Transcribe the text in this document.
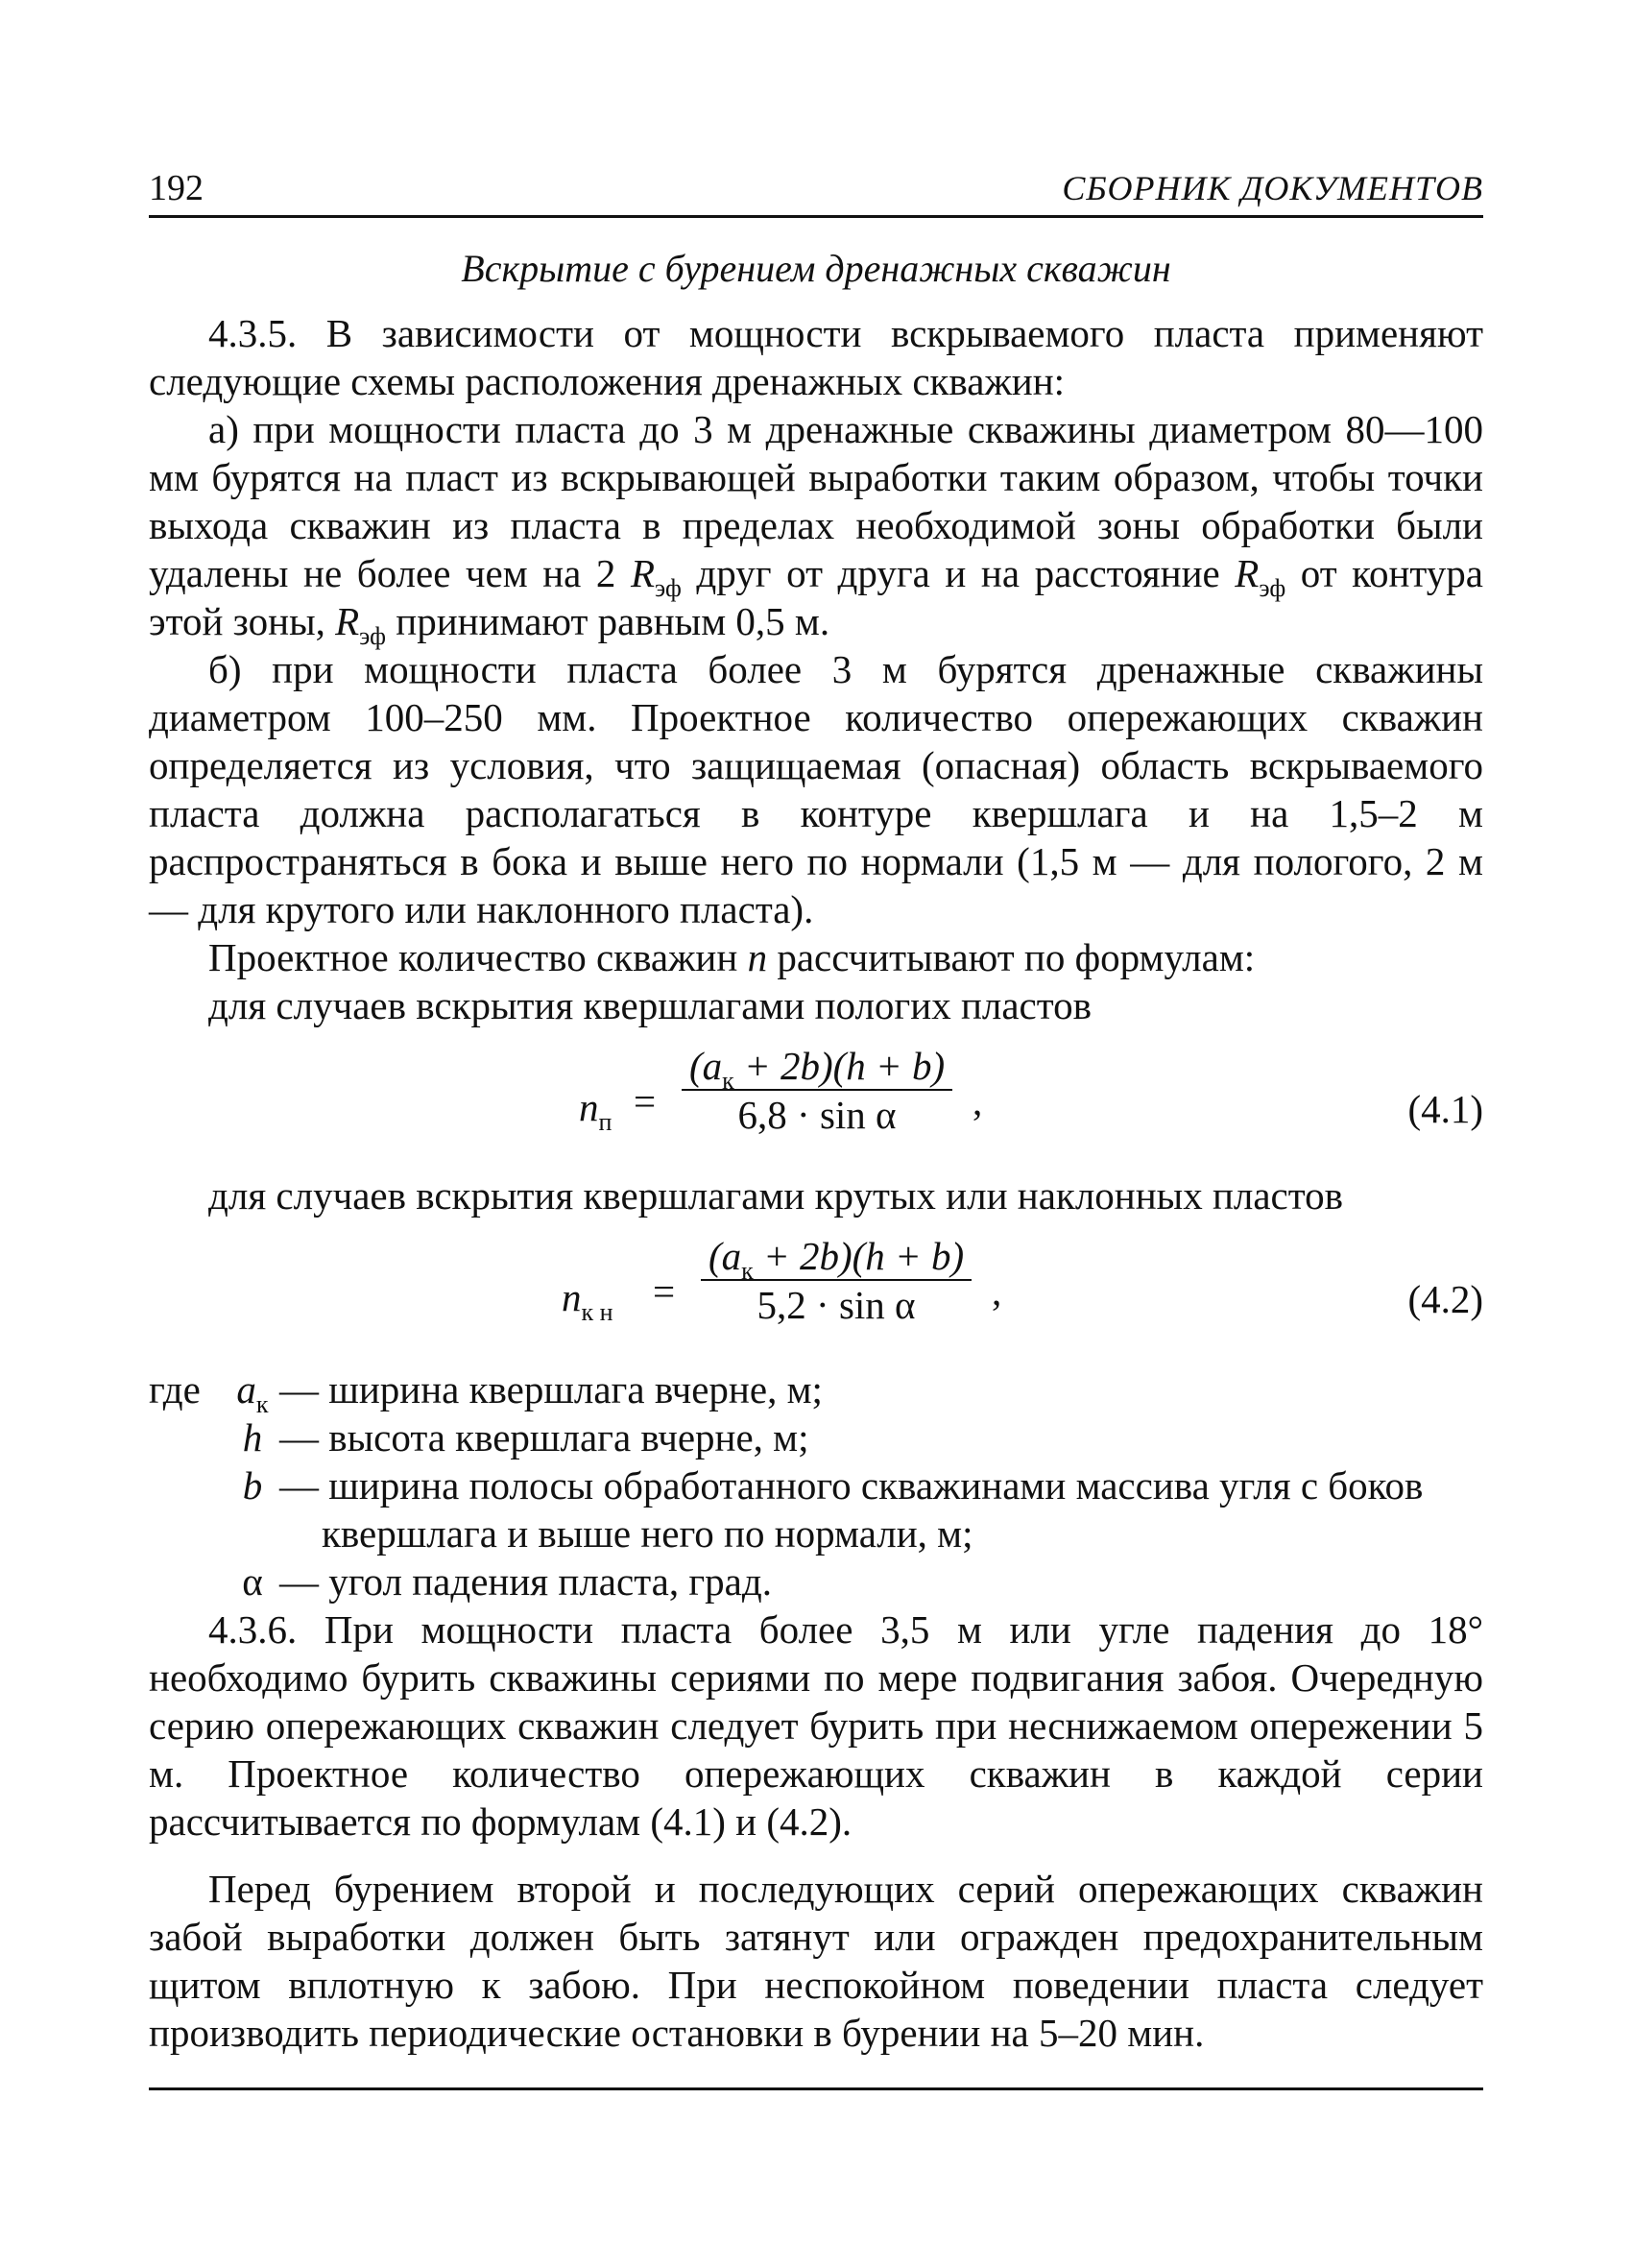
192	СБОРНИК ДОКУМЕНТОВ
Вскрытие с бурением дренажных скважин

4.3.5. В зависимости от мощности вскрываемого пласта применяют следующие схемы расположения дренажных скважин:

а) при мощности пласта до 3 м дренажные скважины диаметром 80—100 мм бурятся на пласт из вскрывающей выработки таким образом, чтобы точки выхода скважин из пласта в пределах необходимой зоны обработки были удалены не более чем на 2 $R_{эф}$ друг от друга и на расстояние $R_{эф}$ от контура этой зоны, $R_{эф}$ принимают равным 0,5 м.

б) при мощности пласта более 3 м бурятся дренажные скважины диаметром 100–250 мм. Проектное количество опережающих скважин определяется из условия, что защищаемая (опасная) область вскрываемого пласта должна располагаться в контуре квершлага и на 1,5–2 м распространяться в бока и выше него по нормали (1,5 м — для пологого, 2 м — для крутого или наклонного пласта).

Проектное количество скважин n рассчитывают по формулам:

для случаев вскрытия квершлагами пологих пластов

$n_п$ =
$(a_к + 2b)(h + b)$
6,8 · sin α	,	(4.1)

для случаев вскрытия квершлагами крутых или наклонных пластов

$n_{к н}$ =
$(a_к + 2b)(h + b)$
5,2 · sin α	,	(4.2)
где $a_к$ — ширина квершлага вчерне, м;
h — высота квершлага вчерне, м;
b — ширина полосы обработанного скважинами массива угля с боков квершлага и выше него по нормали, м;
α — угол падения пласта, град.

4.3.6. При мощности пласта более 3,5 м или угле падения до 18° необходимо бурить скважины сериями по мере подвигания забоя. Очередную серию опережающих скважин следует бурить при неснижаемом опережении 5 м. Проектное количество опережающих скважин в каждой серии рассчитывается по формулам (4.1) и (4.2).

Перед бурением второй и последующих серий опережающих скважин забой выработки должен быть затянут или огражден предохранительным щитом вплотную к забою. При неспокойном поведении пласта следует производить периодические остановки в бурении на 5–20 мин.
